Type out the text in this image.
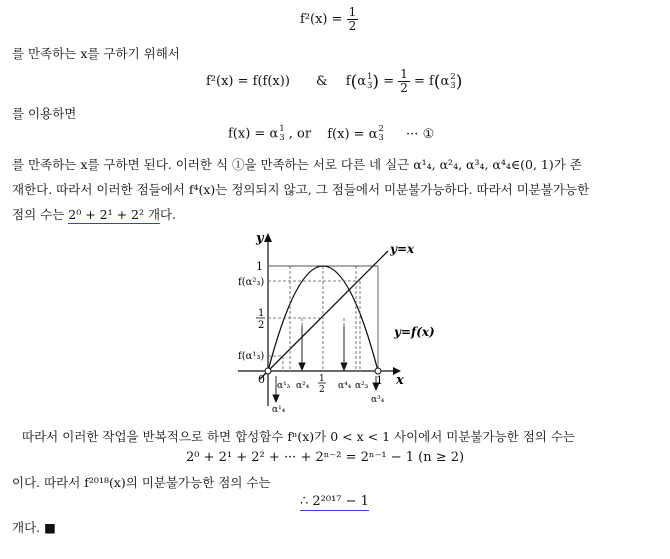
$f^2(x) = \frac{1}{2}$
를 만족하는 x를 구하기 위해서
f²(x) = f(f(x)) & f(α 1
3 ) = $\frac{1}{2} = f(\alpha$ 2
3 )
를 이용하면
f(x) = α 1
3 , or f(x) = α 2
3 ··· ①
를 만족하는 x를 구하면 된다. 이러한 식 ①을 만족하는 서로 다른 네 실근 α¹₄, α²₄, α³₄, α⁴₄∈(0, 1)가 존
재한다. 따라서 이러한 점들에서 f⁴(x)는 정의되지 않고, 그 점들에서 미분불가능하다. 따라서 미분불가능한
점의 수는 2⁰ + 2¹ + 2² 개다.
y
x
y=x
y=f(x)
1
1
2
f(α²₃)
f(α¹₃)
0	1
1
2
α¹₃ α²₄	α⁴₄ α²₃
α¹₄
α³₄
따라서 이러한 작업을 반복적으로 하면 합성함수 fⁿ(x)가 0 < x < 1 사이에서 미분불가능한 점의 수는
2⁰ + 2¹ + 2² + ··· + 2ⁿ⁻² = 2ⁿ⁻¹ − 1 (n ≥ 2)
이다. 따라서 f²⁰¹⁸(x)의 미분불가능한 점의 수는
∴ 2²⁰¹⁷ − 1
개다. ■
